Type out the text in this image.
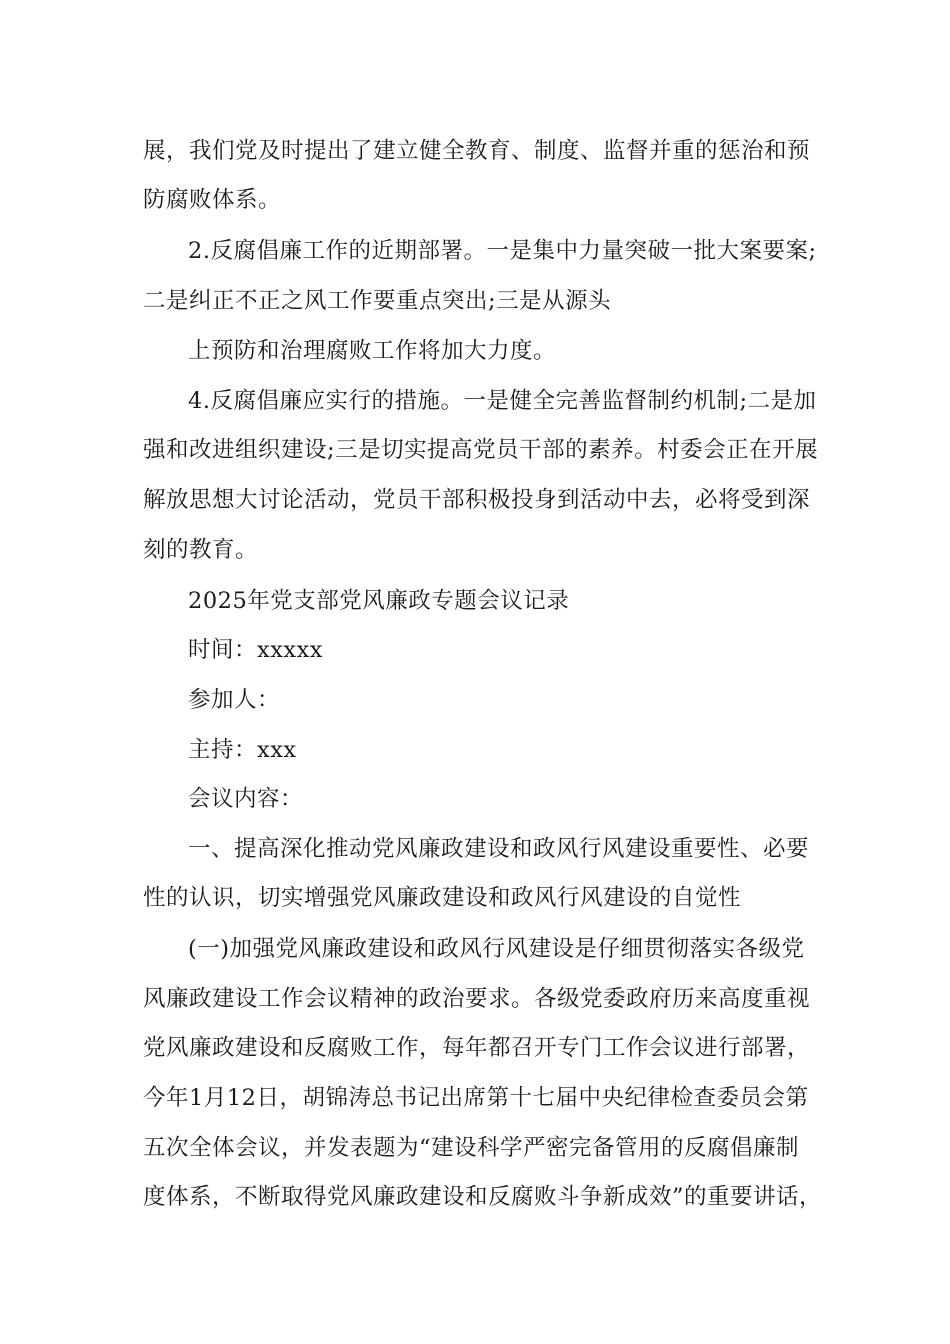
展，我们党及时提出了建立健全教育、制度、监督并重的惩治和预
防腐败体系。
2.反腐倡廉工作的近期部署。一是集中力量突破一批大案要案;
二是纠正不正之风工作要重点突出;三是从源头
上预防和治理腐败工作将加大力度。
4.反腐倡廉应实行的措施。一是健全完善监督制约机制;二是加
强和改进组织建设;三是切实提高党员干部的素养。村委会正在开展
解放思想大讨论活动，党员干部积极投身到活动中去，必将受到深
刻的教育。
2025年党支部党风廉政专题会议记录
时间：xxxxx
参加人：
主持：xxx
会议内容：
一、提高深化推动党风廉政建设和政风行风建设重要性、必要
性的认识，切实增强党风廉政建设和政风行风建设的自觉性
(一)加强党风廉政建设和政风行风建设是仔细贯彻落实各级党
风廉政建设工作会议精神的政治要求。各级党委政府历来高度重视
党风廉政建设和反腐败工作，每年都召开专门工作会议进行部署，
今年1月12日，胡锦涛总书记出席第十七届中央纪律检查委员会第
五次全体会议，并发表题为“建设科学严密完备管用的反腐倡廉制
度体系，不断取得党风廉政建设和反腐败斗争新成效”的重要讲话，
